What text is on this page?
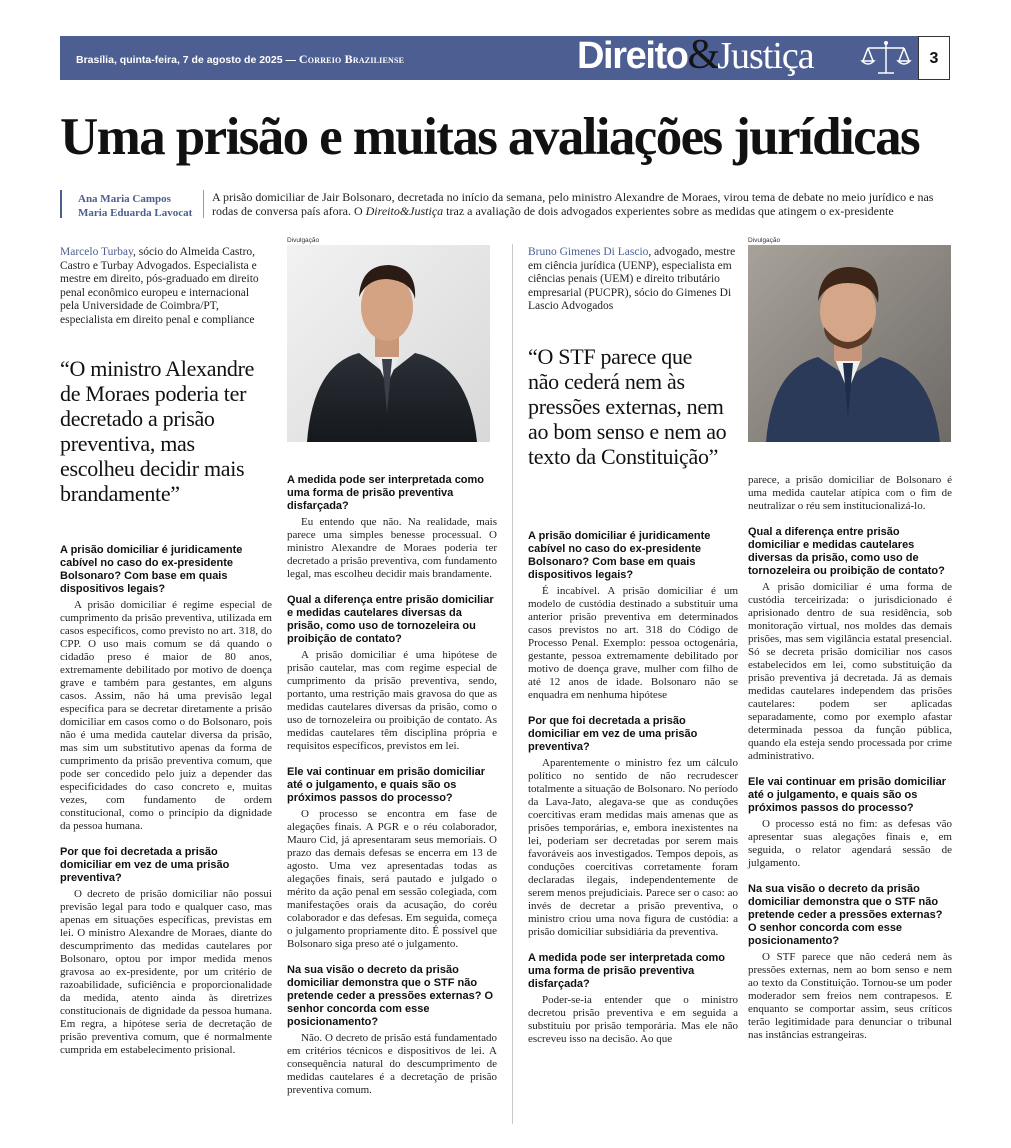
Brasília, quinta-feira, 7 de agosto de 2025 — Correio Braziliense	Direito&Justiça	3
Uma prisão e muitas avaliações jurídicas
Ana Maria Campos
Maria Eduarda Lavocat

A prisão domiciliar de Jair Bolsonaro, decretada no início da semana, pelo ministro Alexandre de Moraes, virou tema de debate no meio jurídico e nas rodas de conversa país afora. O Direito&Justiça traz a avaliação de dois advogados experientes sobre as medidas que atingem o ex-presidente

Marcelo Turbay, sócio do Almeida Castro, Castro e Turbay Advogados. Especialista e mestre em direito, pós-graduado em direito penal econômico europeu e internacional pela Universidade de Coimbra/PT, especialista em direito penal e compliance

Divulgação
“O ministro Alexandre de Moraes poderia ter decretado a prisão preventiva, mas escolheu decidir mais brandamente”
A prisão domiciliar é juridicamente cabível no caso do ex-presidente Bolsonaro? Com base em quais dispositivos legais?
A prisão domiciliar é regime especial de cumprimento da prisão preventiva, utilizada em casos específicos, como previsto no art. 318, do CPP. O uso mais comum se dá quando o cidadão preso é maior de 80 anos, extremamente debilitado por motivo de doença grave e também para gestantes, em alguns casos. Assim, não há uma previsão legal específica para se decretar diretamente a prisão domiciliar em casos como o do Bolsonaro, pois não é uma medida cautelar diversa da prisão, mas sim um substitutivo apenas da forma de cumprimento da prisão preventiva comum, que pode ser concedido pelo juiz a depender das especificidades do caso concreto e, muitas vezes, com fundamento de ordem constitucional, como o princípio da dignidade da pessoa humana.
Por que foi decretada a prisão domiciliar em vez de uma prisão preventiva?
O decreto de prisão domiciliar não possui previsão legal para todo e qualquer caso, mas apenas em situações específicas, previstas em lei. O ministro Alexandre de Moraes, diante do descumprimento das medidas cautelares por Bolsonaro, optou por impor medida menos gravosa ao ex-presidente, por um critério de razoabilidade, suficiência e proporcionalidade da medida, atento ainda às diretrizes constitucionais de dignidade da pessoa humana. Em regra, a hipótese seria de decretação de prisão preventiva comum, que é normalmente cumprida em estabelecimento prisional.
A medida pode ser interpretada como uma forma de prisão preventiva disfarçada?
Eu entendo que não. Na realidade, mais parece uma simples benesse processual. O ministro Alexandre de Moraes poderia ter decretado a prisão preventiva, com fundamento legal, mas escolheu decidir mais brandamente.
Qual a diferença entre prisão domiciliar e medidas cautelares diversas da prisão, como uso de tornozeleira ou proibição de contato?
A prisão domiciliar é uma hipótese de prisão cautelar, mas com regime especial de cumprimento da prisão preventiva, sendo, portanto, uma restrição mais gravosa do que as medidas cautelares diversas da prisão, como o uso de tornozeleira ou proibição de contato. As medidas cautelares têm disciplina própria e requisitos específicos, previstos em lei.
Ele vai continuar em prisão domiciliar até o julgamento, e quais são os próximos passos do processo?
O processo se encontra em fase de alegações finais. A PGR e o réu colaborador, Mauro Cid, já apresentaram seus memoriais. O prazo das demais defesas se encerra em 13 de agosto. Uma vez apresentadas todas as alegações finais, será pautado e julgado o mérito da ação penal em sessão colegiada, com manifestações orais da acusação, do coréu colaborador e das defesas. Em seguida, começa o julgamento propriamente dito. É possível que Bolsonaro siga preso até o julgamento.
Na sua visão o decreto da prisão domiciliar demonstra que o STF não pretende ceder a pressões externas? O senhor concorda com esse posicionamento?
Não. O decreto de prisão está fundamentado em critérios técnicos e dispositivos de lei. A consequência natural do descumprimento de medidas cautelares é a decretação de prisão preventiva comum.

Bruno Gimenes Di Lascio, advogado, mestre em ciência jurídica (UENP), especialista em ciências penais (UEM) e direito tributário empresarial (PUCPR), sócio do Gimenes Di Lascio Advogados

Divulgação
“O STF parece que não cederá nem às pressões externas, nem ao bom senso e nem ao texto da Constituição”
A prisão domiciliar é juridicamente cabível no caso do ex-presidente Bolsonaro? Com base em quais dispositivos legais?
É incabível. A prisão domiciliar é um modelo de custódia destinado a substituir uma anterior prisão preventiva em determinados casos previstos no art. 318 do Código de Processo Penal. Exemplo: pessoa octogenária, gestante, pessoa extremamente debilitado por motivo de doença grave, mulher com filho de até 12 anos de idade. Bolsonaro não se enquadra em nenhuma hipótese
Por que foi decretada a prisão domiciliar em vez de uma prisão preventiva?
Aparentemente o ministro fez um cálculo político no sentido de não recrudescer totalmente a situação de Bolsonaro. No período da Lava-Jato, alegava-se que as conduções coercitivas eram medidas mais amenas que as prisões temporárias, e, embora inexistentes na lei, poderiam ser decretadas por serem mais favoráveis aos investigados. Tempos depois, as conduções coercitivas corretamente foram declaradas ilegais, independentemente de serem menos prejudiciais. Parece ser o caso: ao invés de decretar a prisão preventiva, o ministro criou uma nova figura de custódia: a prisão domiciliar subsidiária da preventiva.
A medida pode ser interpretada como uma forma de prisão preventiva disfarçada?
Poder-se-ia entender que o ministro decretou prisão preventiva e em seguida a substituiu por prisão temporária. Mas ele não escreveu isso na decisão. Ao que
parece, a prisão domiciliar de Bolsonaro é uma medida cautelar atípica com o fim de neutralizar o réu sem institucionalizá-lo.
Qual a diferença entre prisão domiciliar e medidas cautelares diversas da prisão, como uso de tornozeleira ou proibição de contato?
A prisão domiciliar é uma forma de custódia terceirizada: o jurisdicionado é aprisionado dentro de sua residência, sob monitoração virtual, nos moldes das demais prisões, mas sem vigilância estatal presencial. Só se decreta prisão domiciliar nos casos estabelecidos em lei, como substituição da prisão preventiva já decretada. Já as demais medidas cautelares independem das prisões cautelares: podem ser aplicadas separadamente, como por exemplo afastar determinada pessoa da função pública, quando ela esteja sendo processada por crime administrativo.
Ele vai continuar em prisão domiciliar até o julgamento, e quais são os próximos passos do processo?
O processo está no fim: as defesas vão apresentar suas alegações finais e, em seguida, o relator agendará sessão de julgamento.
Na sua visão o decreto da prisão domiciliar demonstra que o STF não pretende ceder a pressões externas? O senhor concorda com esse posicionamento?
O STF parece que não cederá nem às pressões externas, nem ao bom senso e nem ao texto da Constituição. Tornou-se um poder moderador sem freios nem contrapesos. E enquanto se comportar assim, seus críticos terão legitimidade para denunciar o tribunal nas instâncias estrangeiras.
